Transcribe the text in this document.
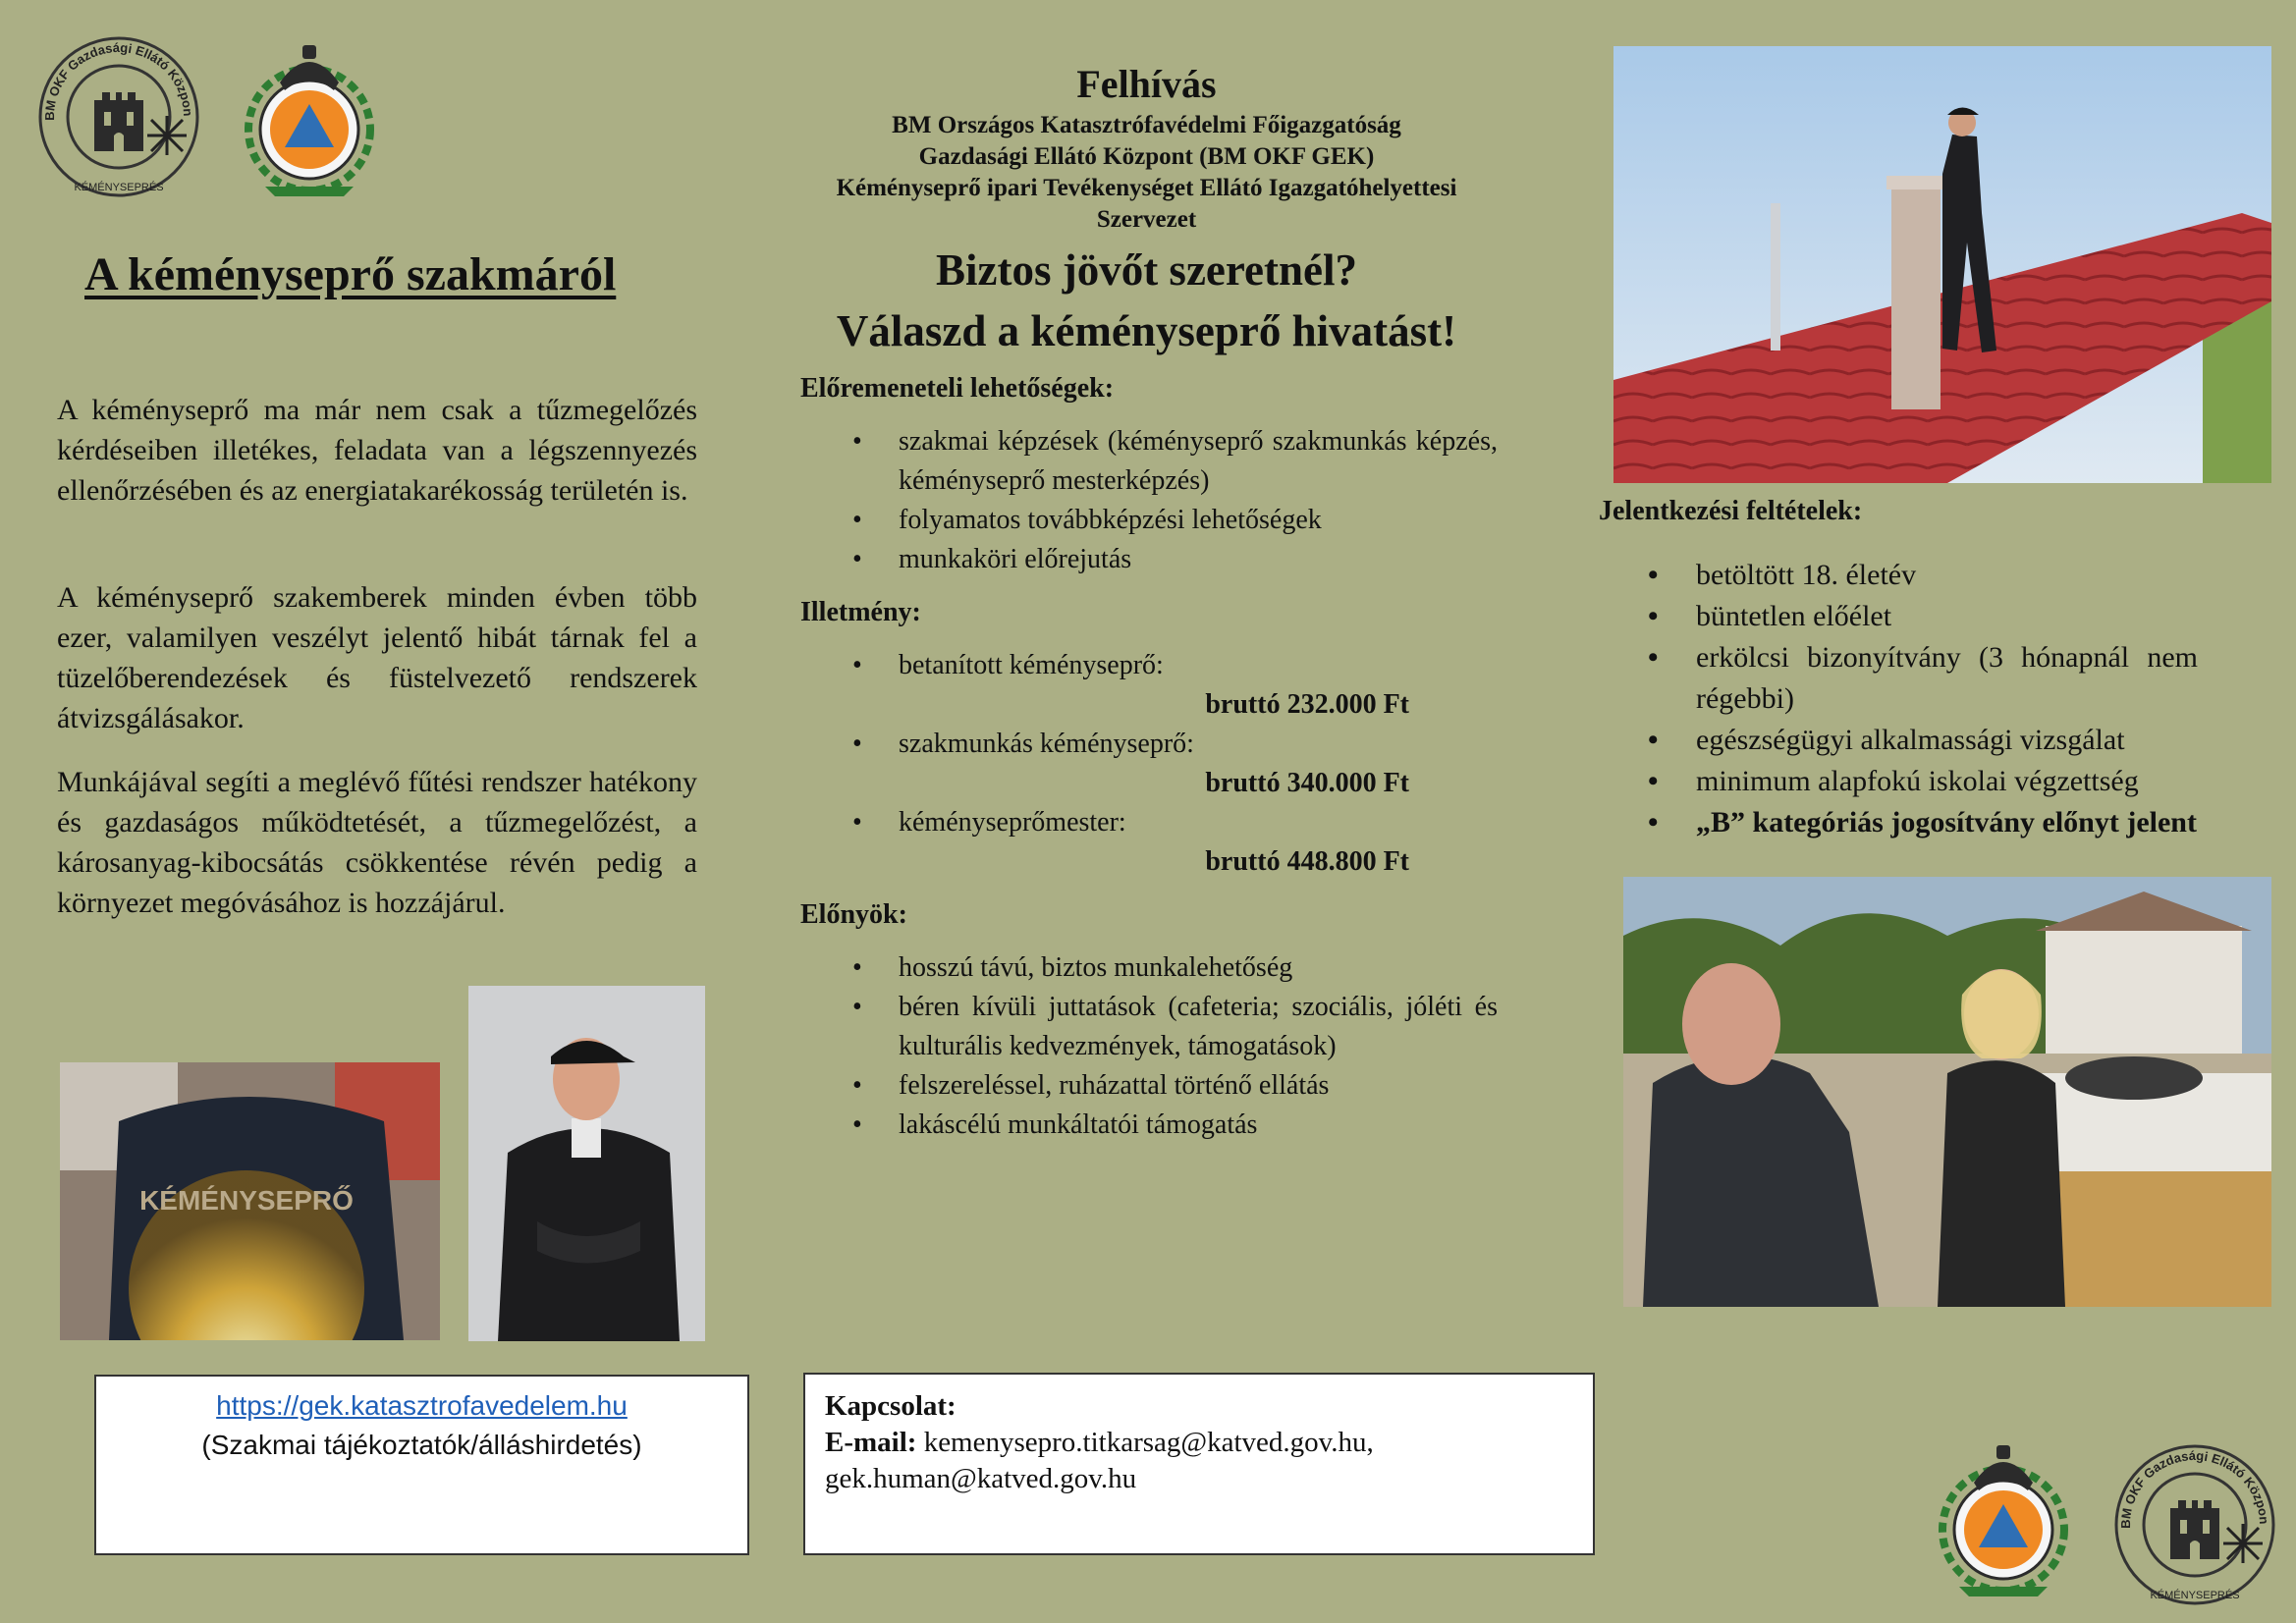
BM OKF Gazdasági Ellátó Közpon
KÉMÉNYSEPRÉS
A kéményseprő szakmáról

A kéményseprő ma már nem csak a tűzmegelőzés kérdéseiben illetékes, feladata van a légszennyezés ellenőrzésében és az energiatakarékosság területén is.

A kéményseprő szakemberek minden évben több ezer, valamilyen veszélyt jelentő hibát tárnak fel a tüzelőberendezések és füstelvezető rendszerek átvizsgálásakor.

Munkájával segíti a meglévő fűtési rendszer hatékony és gazdaságos működtetését, a tűzmegelőzést, a károsanyag-kibocsátás csökkentése révén pedig a környezet megóvásához is hozzájárul.

KÉMÉNYSEPRŐ
Felhívás
BM Országos Katasztrófavédelmi Főigazgatóság
Gazdasági Ellátó Központ (BM OKF GEK)
Kéményseprő ipari Tevékenységet Ellátó Igazgatóhelyettesi
Szervezet
Biztos jövőt szeretnél?
Válaszd a kéményseprő hivatást!
Előremeneteli lehetőségek:
• szakmai képzések (kéményseprő szakmunkás képzés, kéményseprő mesterképzés)
• folyamatos továbbképzési lehetőségek
• munkaköri előrejutás
Illetmény:
• betanított kéményseprő:
bruttó 232.000 Ft
• szakmunkás kéményseprő:
bruttó 340.000 Ft
• kéményseprőmester:
bruttó 448.800 Ft
Előnyök:
• hosszú távú, biztos munkalehetőség
• béren kívüli juttatások (cafeteria; szociális, jóléti és kulturális kedvezmények, támogatások)
• felszereléssel, ruházattal történő ellátás
• lakáscélú munkáltatói támogatás
Jelentkezési feltételek:
• betöltött 18. életév
• büntetlen előélet
• erkölcsi bizonyítvány (3 hónapnál nem régebbi)
• egészségügyi alkalmassági vizsgálat
• minimum alapfokú iskolai végzettség
• „B” kategóriás jogosítvány előnyt jelent
https://gek.katasztrofavedelem.hu
(Szakmai tájékoztatók/álláshirdetés)
Kapcsolat:
E-mail: kemenysepro.titkarsag@katved.gov.hu,
gek.human@katved.gov.hu
BM OKF Gazdasági Ellátó Közpon
KÉMÉNYSEPRÉS
